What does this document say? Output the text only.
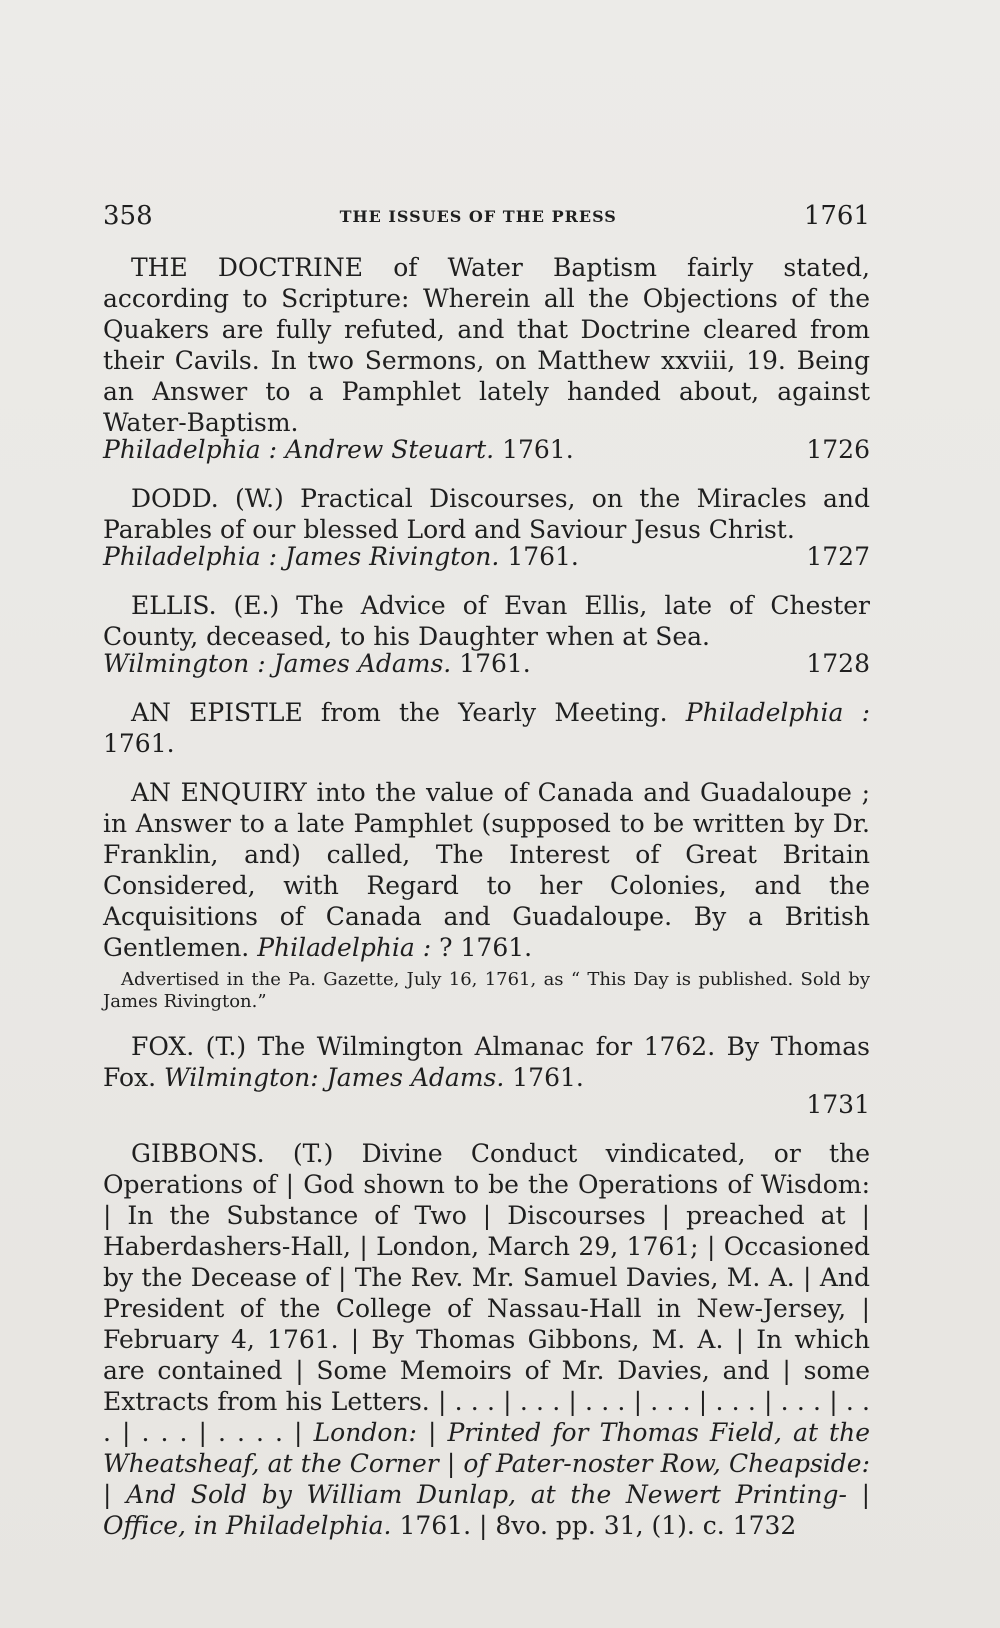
358	THE ISSUES OF THE PRESS	1761
THE DOCTRINE of Water Baptism fairly stated, according to Scripture: Wherein all the Objections of the Quakers are fully refuted, and that Doctrine cleared from their Cavils. In two Sermons, on Matthew xxviii, 19. Being an Answer to a Pamphlet lately handed about, against Water-Baptism.
Philadelphia : Andrew Steuart. 1761.	1726
DODD. (W.) Practical Discourses, on the Miracles and Parables of our blessed Lord and Saviour Jesus Christ.
Philadelphia : James Rivington. 1761.	1727
ELLIS. (E.) The Advice of Evan Ellis, late of Chester County, deceased, to his Daughter when at Sea.
Wilmington : James Adams. 1761.	1728
AN EPISTLE from the Yearly Meeting. Philadelphia : 1761.
AN ENQUIRY into the value of Canada and Guadaloupe ; in Answer to a late Pamphlet (supposed to be written by Dr. Franklin, and) called, The Interest of Great Britain Considered, with Regard to her Colonies, and the Acquisitions of Canada and Guadaloupe. By a British Gentlemen. Philadelphia : ? 1761.
Advertised in the Pa. Gazette, July 16, 1761, as “ This Day is published. Sold by James Rivington.”
FOX. (T.) The Wilmington Almanac for 1762. By Thomas Fox. Wilmington: James Adams. 1761.
1731
GIBBONS. (T.) Divine Conduct vindicated, or the Operations of | God shown to be the Operations of Wisdom: | In the Substance of Two | Discourses | preached at | Haberdashers-Hall, | London, March 29, 1761; | Occasioned by the Decease of | The Rev. Mr. Samuel Davies, M. A. | And President of the College of Nassau-Hall in New-Jersey, | February 4, 1761. | By Thomas Gibbons, M. A. | In which are contained | Some Memoirs of Mr. Davies, and | some Extracts from his Letters. | . . . | . . . | . . . | . . . | . . . | . . . | . . . | . . . | . . . . | London: | Printed for Thomas Field, at the Wheatsheaf, at the Corner | of Pater-noster Row, Cheapside: | And Sold by William Dunlap, at the Newert Printing- | Office, in Philadelphia. 1761. | 8vo. pp. 31, (1). c. 1732
